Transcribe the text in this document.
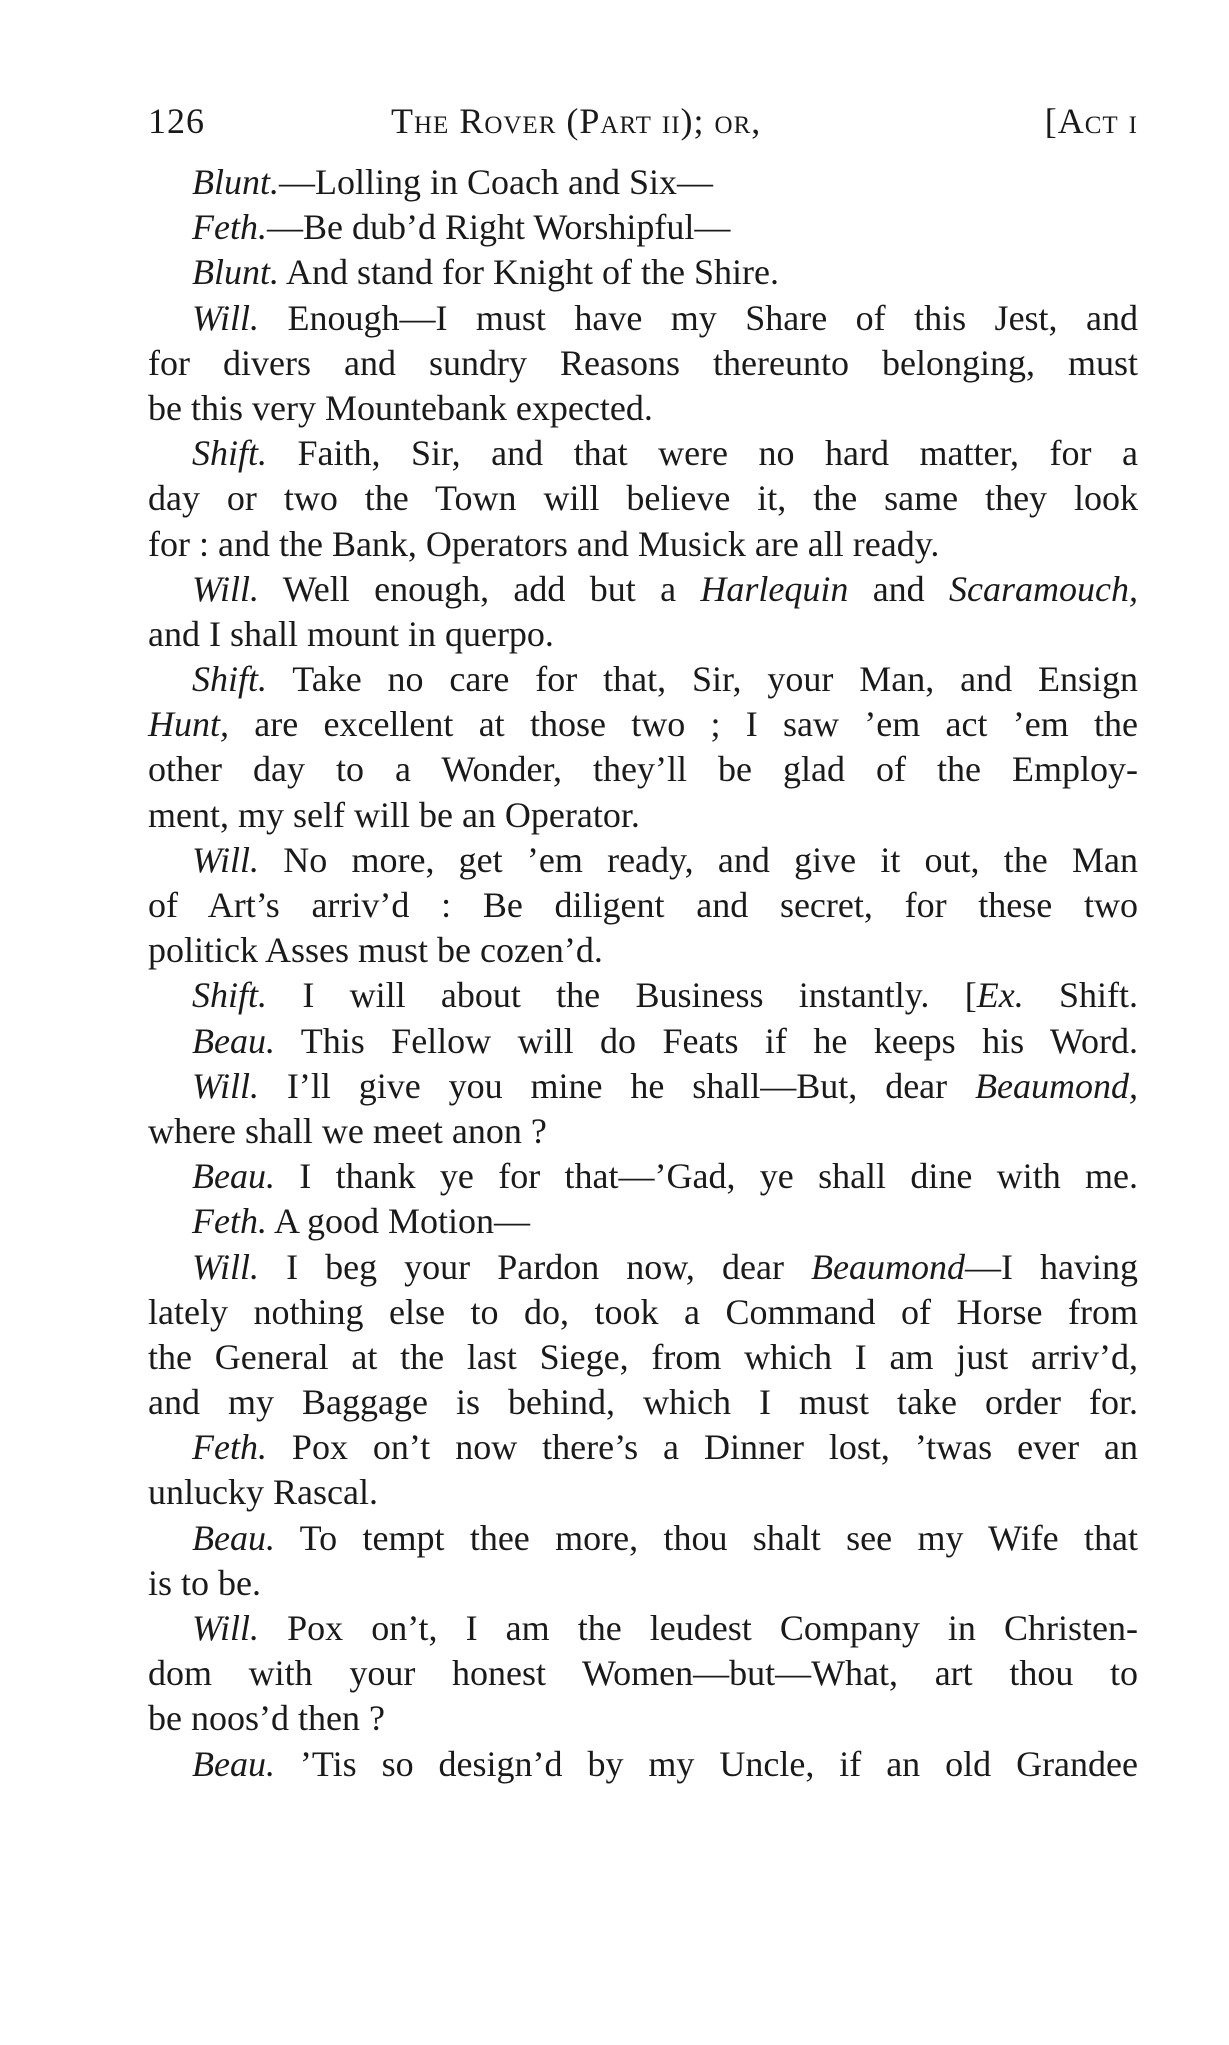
126	The Rover (Part ii); or,	[Act i
Blunt.—Lolling in Coach and Six—
Feth.—Be dub’d Right Worshipful—
Blunt. And stand for Knight of the Shire.
Will. Enough—I must have my Share of this Jest, and
for divers and sundry Reasons thereunto belonging, must
be this very Mountebank expected.
Shift. Faith, Sir, and that were no hard matter, for a
day or two the Town will believe it, the same they look
for : and the Bank, Operators and Musick are all ready.
Will. Well enough, add but a Harlequin and Scaramouch,
and I shall mount in querpo.
Shift. Take no care for that, Sir, your Man, and Ensign
Hunt, are excellent at those two ; I saw ’em act ’em the
other day to a Wonder, they’ll be glad of the Employ-
ment, my self will be an Operator.
Will. No more, get ’em ready, and give it out, the Man
of Art’s arriv’d : Be diligent and secret, for these two
politick Asses must be cozen’d.
Shift. I will about the Business instantly. [Ex. Shift.
Beau. This Fellow will do Feats if he keeps his Word.
Will. I’ll give you mine he shall—But, dear Beaumond,
where shall we meet anon ?
Beau. I thank ye for that—’Gad, ye shall dine with me.
Feth. A good Motion—
Will. I beg your Pardon now, dear Beaumond—I having
lately nothing else to do, took a Command of Horse from
the General at the last Siege, from which I am just arriv’d,
and my Baggage is behind, which I must take order for.
Feth. Pox on’t now there’s a Dinner lost, ’twas ever an
unlucky Rascal.
Beau. To tempt thee more, thou shalt see my Wife that
is to be.
Will. Pox on’t, I am the leudest Company in Christen-
dom with your honest Women—but—What, art thou to
be noos’d then ?
Beau. ’Tis so design’d by my Uncle, if an old Grandee
